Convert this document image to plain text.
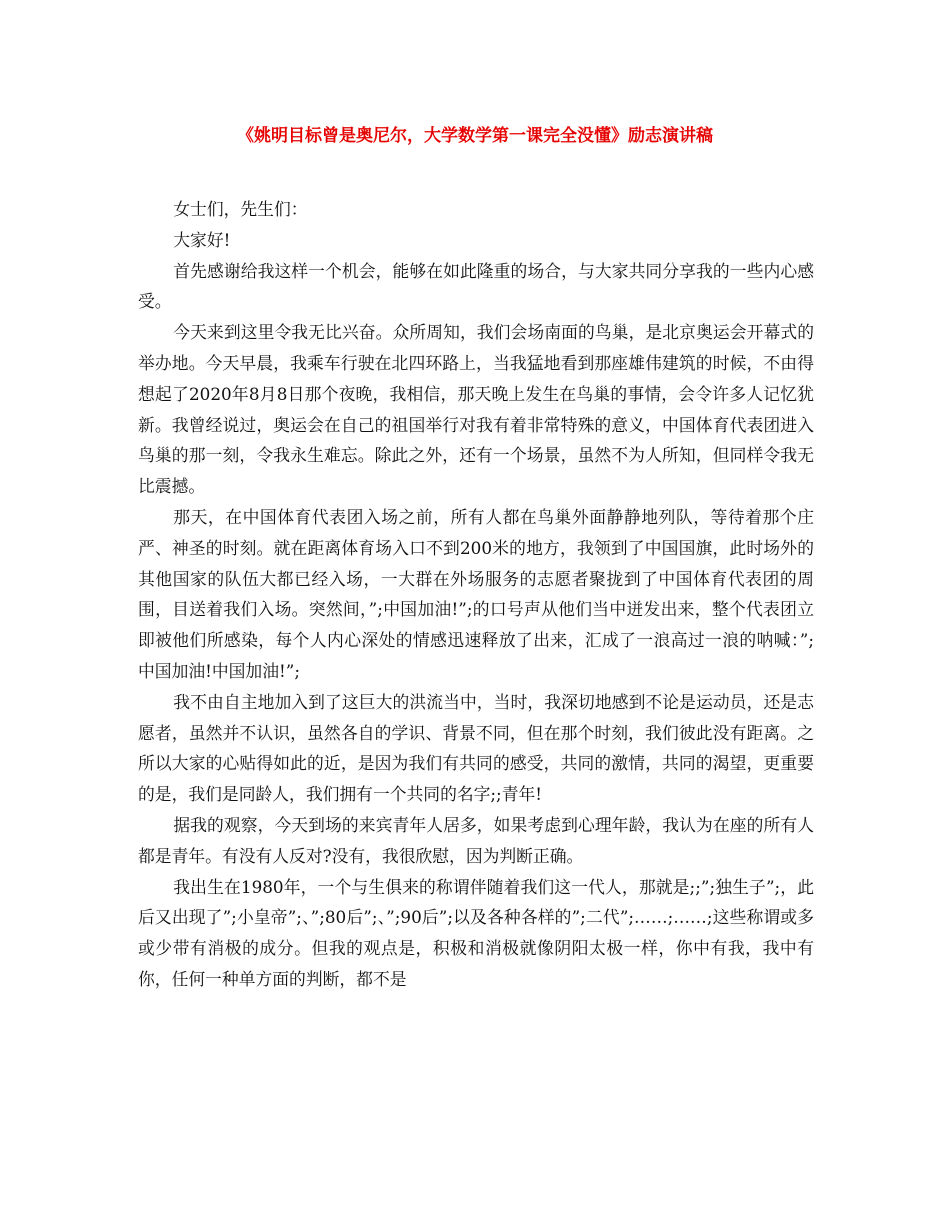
《姚明目标曾是奥尼尔，大学数学第一课完全没懂》励志演讲稿

女士们，先生们：

大家好!

首先感谢给我这样一个机会，能够在如此隆重的场合，与大家共同分享我的一些内心感受。

今天来到这里令我无比兴奋。众所周知，我们会场南面的鸟巢，是北京奥运会开幕式的举办地。今天早晨，我乘车行驶在北四环路上，当我猛地看到那座雄伟建筑的时候，不由得想起了2020年8月8日那个夜晚，我相信，那天晚上发生在鸟巢的事情，会令许多人记忆犹新。我曾经说过，奥运会在自己的祖国举行对我有着非常特殊的意义，中国体育代表团进入鸟巢的那一刻，令我永生难忘。除此之外，还有一个场景，虽然不为人所知，但同样令我无比震撼。

那天，在中国体育代表团入场之前，所有人都在鸟巢外面静静地列队，等待着那个庄严、神圣的时刻。就在距离体育场入口不到200米的地方，我领到了中国国旗，此时场外的其他国家的队伍大都已经入场，一大群在外场服务的志愿者聚拢到了中国体育代表团的周围，目送着我们入场。突然间，”;中国加油!”;的口号声从他们当中迸发出来，整个代表团立即被他们所感染，每个人内心深处的情感迅速释放了出来，汇成了一浪高过一浪的呐喊：”;中国加油!中国加油!”;

我不由自主地加入到了这巨大的洪流当中，当时，我深切地感到不论是运动员，还是志愿者，虽然并不认识，虽然各自的学识、背景不同，但在那个时刻，我们彼此没有距离。之所以大家的心贴得如此的近，是因为我们有共同的感受，共同的激情，共同的渴望，更重要的是，我们是同龄人，我们拥有一个共同的名字;;青年!

据我的观察，今天到场的来宾青年人居多，如果考虑到心理年龄，我认为在座的所有人都是青年。有没有人反对?没有，我很欣慰，因为判断正确。

我出生在1980年，一个与生俱来的称谓伴随着我们这一代人，那就是;;”;独生子”;，此后又出现了”;小皇帝”;、”;80后”;、”;90后”;以及各种各样的”;二代”;……;……;这些称谓或多或少带有消极的成分。但我的观点是，积极和消极就像阴阳太极一样，你中有我，我中有你，任何一种单方面的判断，都不是
